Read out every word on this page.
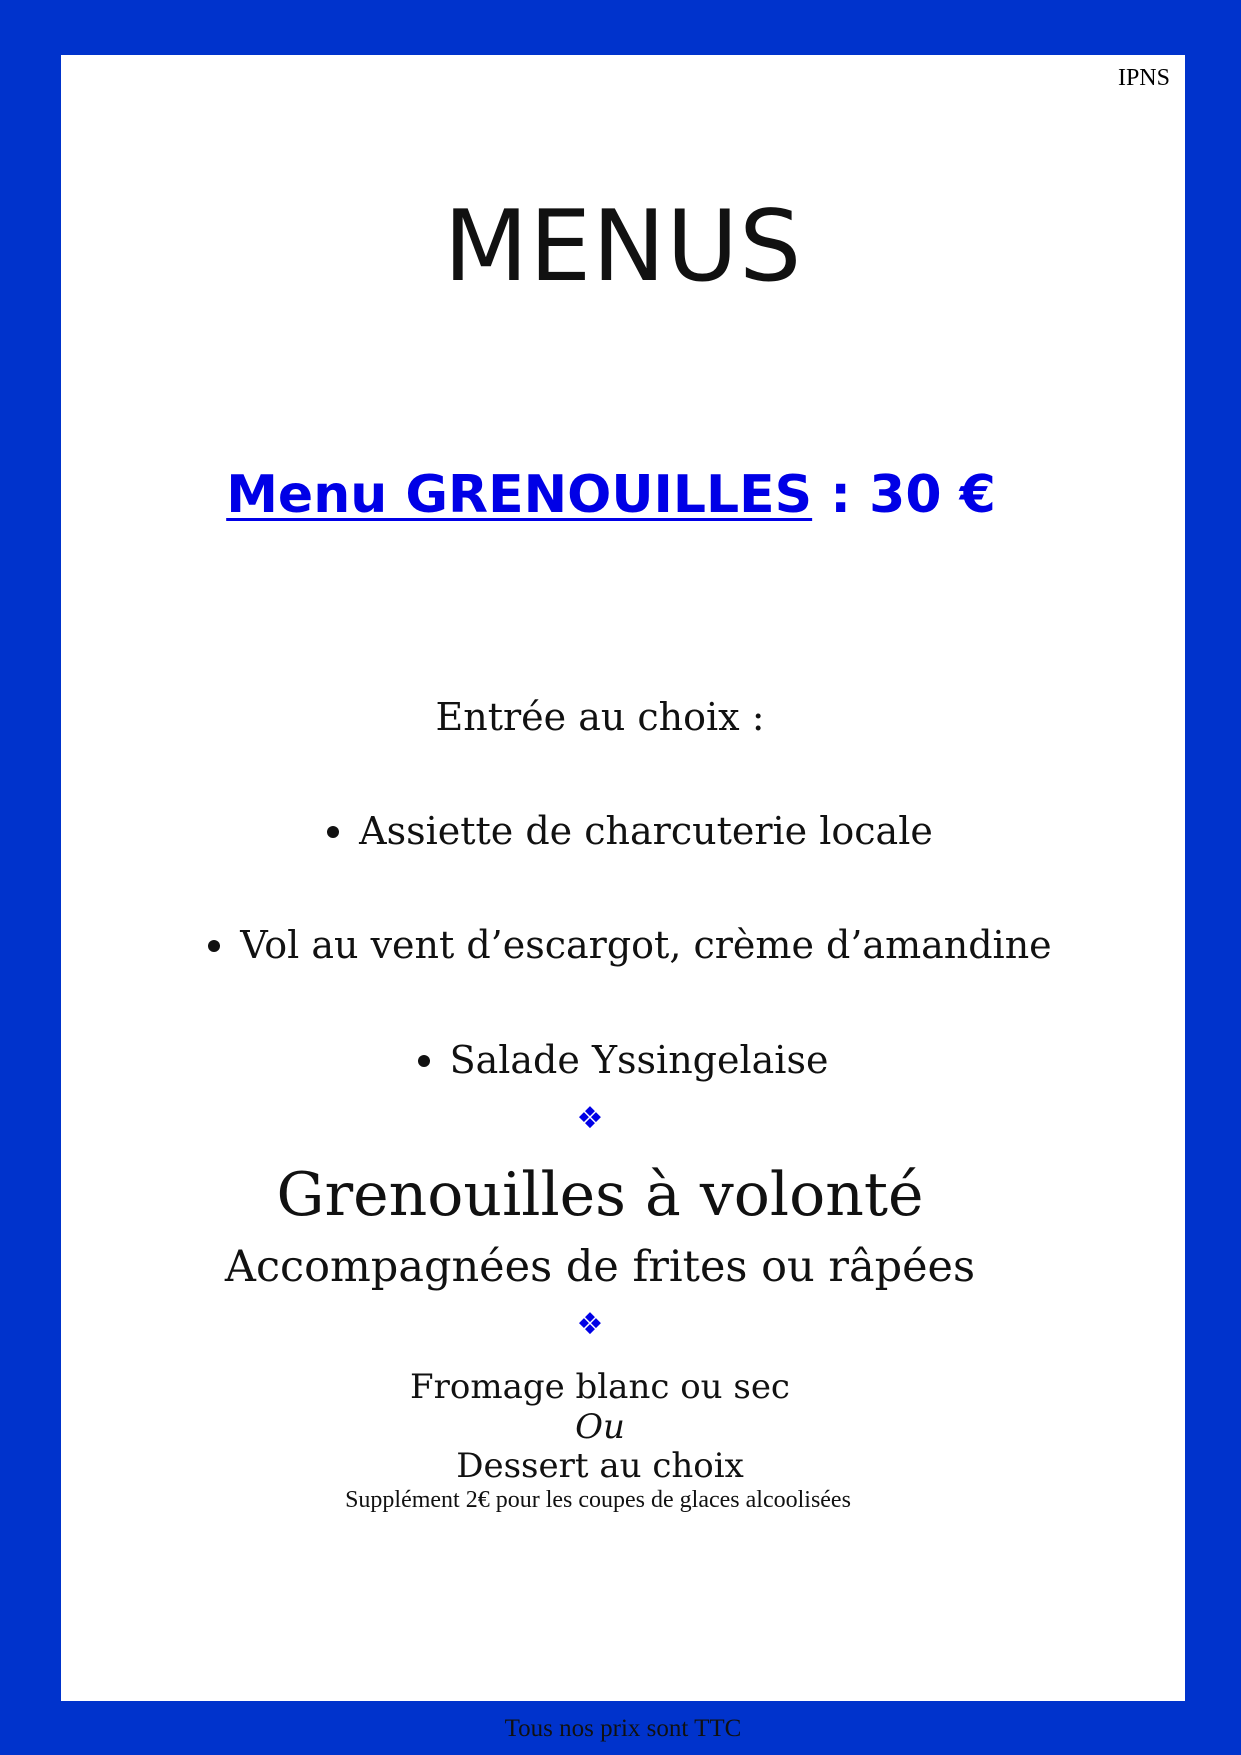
IPNS
MENUS
Menu GRENOUILLES : 30 €
Entrée au choix :
Assiette de charcuterie locale
Vol au vent d’escargot, crème d’amandine
Salade Yssingelaise
❖
Grenouilles à volonté
Accompagnées de frites ou râpées
❖
Fromage blanc ou sec
Ou
Dessert au choix
Supplément 2€ pour les coupes de glaces alcoolisées
Tous nos prix sont TTC
